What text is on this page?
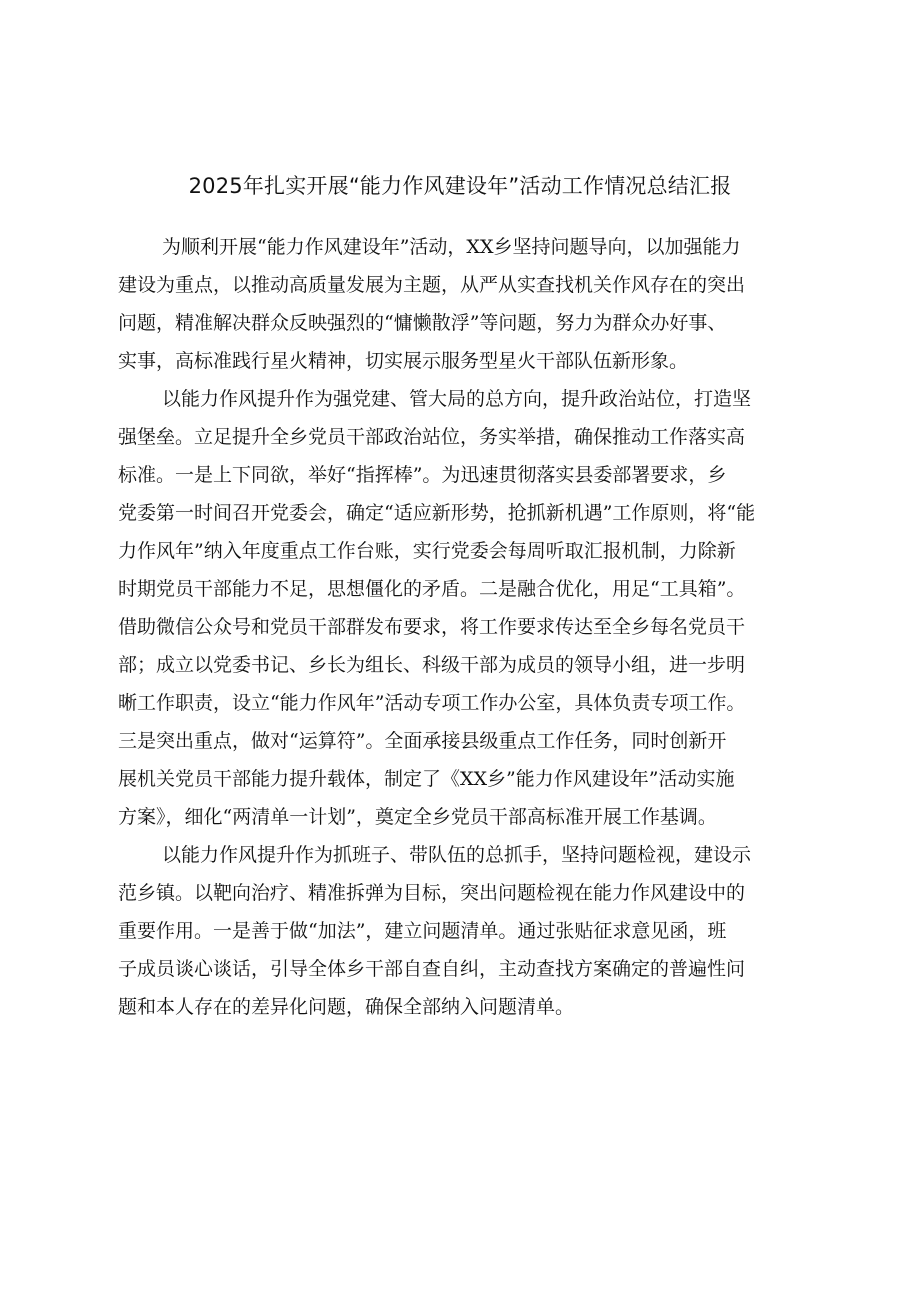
2025年扎实开展“能力作风建设年”活动工作情况总结汇报
为顺利开展“能力作风建设年”活动，XX乡坚持问题导向，以加强能力
建设为重点，以推动高质量发展为主题，从严从实查找机关作风存在的突出
问题，精准解决群众反映强烈的“慵懒散浮”等问题，努力为群众办好事、
实事，高标准践行星火精神，切实展示服务型星火干部队伍新形象。
以能力作风提升作为强党建、管大局的总方向，提升政治站位，打造坚
强堡垒。立足提升全乡党员干部政治站位，务实举措，确保推动工作落实高
标准。一是上下同欲，举好“指挥棒”。为迅速贯彻落实县委部署要求，乡
党委第一时间召开党委会，确定“适应新形势，抢抓新机遇”工作原则，将“能
力作风年”纳入年度重点工作台账，实行党委会每周听取汇报机制，力除新
时期党员干部能力不足，思想僵化的矛盾。二是融合优化，用足“工具箱”。
借助微信公众号和党员干部群发布要求，将工作要求传达至全乡每名党员干
部；成立以党委书记、乡长为组长、科级干部为成员的领导小组，进一步明
晰工作职责，设立“能力作风年”活动专项工作办公室，具体负责专项工作。
三是突出重点，做对“运算符”。全面承接县级重点工作任务，同时创新开
展机关党员干部能力提升载体，制定了《XX乡”能力作风建设年”活动实施
方案》，细化“两清单一计划”，奠定全乡党员干部高标准开展工作基调。
以能力作风提升作为抓班子、带队伍的总抓手，坚持问题检视，建设示
范乡镇。以靶向治疗、精准拆弹为目标，突出问题检视在能力作风建设中的
重要作用。一是善于做“加法”，建立问题清单。通过张贴征求意见函，班
子成员谈心谈话，引导全体乡干部自查自纠，主动查找方案确定的普遍性问
题和本人存在的差异化问题，确保全部纳入问题清单。
